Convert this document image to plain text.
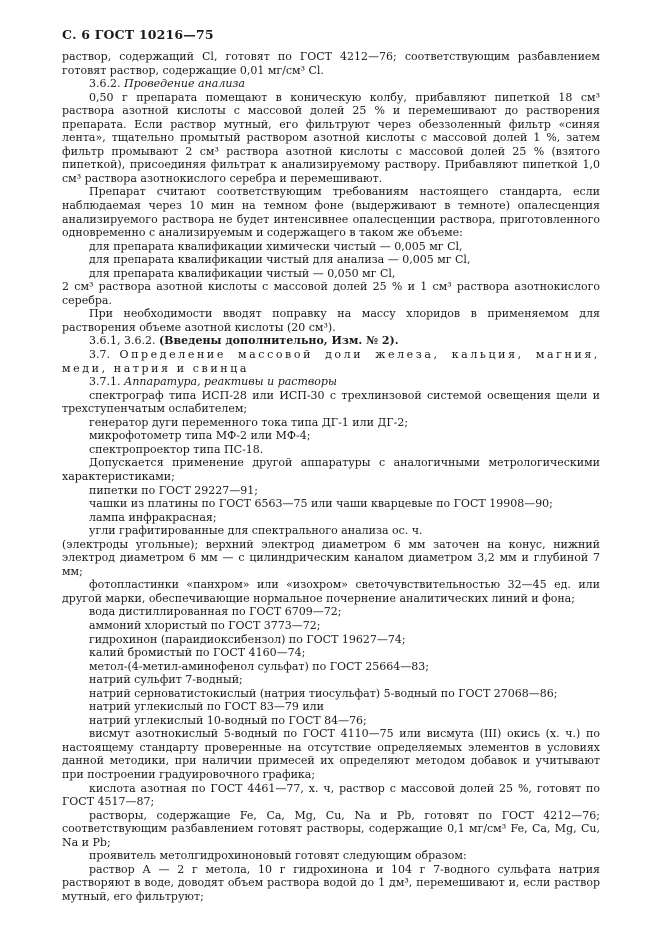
С. 6 ГОСТ 10216—75

раствор, содержащий Cl, готовят по ГОСТ 4212—76; соответствующим разбавлением готовят раствор, содержащие 0,01 мг/см³ Cl.

3.6.2. Проведение анализа

0,50 г препарата помещают в коническую колбу, прибавляют пипеткой 18 см³ раствора азотной кислоты с массовой долей 25 % и перемешивают до растворения препарата. Если раствор мутный, его фильтруют через обеззоленный фильтр «синяя лента», тщательно промытый раствором азотной кислоты с массовой долей 1 %, затем фильтр промывают 2 см³ раствора азотной кислоты с массовой долей 25 % (взятого пипеткой), присоединяя фильтрат к анализируемому раствору. Прибавляют пипеткой 1,0 см³ раствора азотнокислого серебра и перемешивают.

Препарат считают соответствующим требованиям настоящего стандарта, если наблюдаемая через 10 мин на темном фоне (выдерживают в темноте) опалесценция анализируемого раствора не будет интенсивнее опалесценции раствора, приготовленного одновременно с анализируемым и содержащего в таком же объеме:

для препарата квалификации химически чистый — 0,005 мг Cl,

для препарата квалификации чистый для анализа — 0,005 мг Cl,

для препарата квалификации чистый — 0,050 мг Cl,

2 см³ раствора азотной кислоты с массовой долей 25 % и 1 см³ раствора азотнокислого серебра.

При необходимости вводят поправку на массу хлоридов в применяемом для растворения объеме азотной кислоты (20 см³).

3.6.1, 3.6.2. (Введены дополнительно, Изм. № 2).

3.7. Определение массовой доли железа, кальция, магния, меди, натрия и свинца

3.7.1. Аппаратура, реактивы и растворы

спектрограф типа ИСП-28 или ИСП-30 с трехлинзовой системой освещения щели и трехступенчатым ослабителем;

генератор дуги переменного тока типа ДГ-1 или ДГ-2;

микрофотометр типа МФ-2 или МФ-4;

спектропроектор типа ПС-18.

Допускается применение другой аппаратуры с аналогичными метрологическими характеристиками;

пипетки по ГОСТ 29227—91;

чашки из платины по ГОСТ 6563—75 или чаши кварцевые по ГОСТ 19908—90;

лампа инфракрасная;

угли графитированные для спектрального анализа ос. ч.

(электроды угольные); верхний электрод диаметром 6 мм заточен на конус, нижний электрод диаметром 6 мм — с цилиндрическим каналом диаметром 3,2 мм и глубиной 7 мм;

фотопластинки «панхром» или «изохром» светочувствительностью 32—45 ед. или другой марки, обеспечивающие нормальное почернение аналитических линий и фона;

вода дистиллированная по ГОСТ 6709—72;

аммоний хлористый по ГОСТ 3773—72;

гидрохинон (параидиоксибензол) по ГОСТ 19627—74;

калий бромистый по ГОСТ 4160—74;

метол-(4-метил-аминофенол сульфат) по ГОСТ 25664—83;

натрий сульфит 7-водный;

натрий серноватистокислый (натрия тиосульфат) 5-водный по ГОСТ 27068—86;

натрий углекислый по ГОСТ 83—79 или

натрий углекислый 10-водный по ГОСТ 84—76;

висмут азотнокислый 5-водный по ГОСТ 4110—75 или висмута (III) окись (х. ч.) по настоящему стандарту проверенные на отсутствие определяемых элементов в условиях данной методики, при наличии примесей их определяют методом добавок и учитывают при построении градуировочного графика;

кислота азотная по ГОСТ 4461—77, х. ч, раствор с массовой долей 25 %, готовят по ГОСТ 4517—87;

растворы, содержащие Fe, Ca, Mg, Cu, Na и Pb, готовят по ГОСТ 4212—76; соответствующим разбавлением готовят растворы, содержащие 0,1 мг/см³ Fe, Ca, Mg, Cu, Na и Pb;

проявитель метолгидрохиноновый готовят следующим образом:

раствор А — 2 г метола, 10 г гидрохинона и 104 г 7-водного сульфата натрия растворяют в воде, доводят объем раствора водой до 1 дм³, перемешивают и, если раствор мутный, его фильтруют;
